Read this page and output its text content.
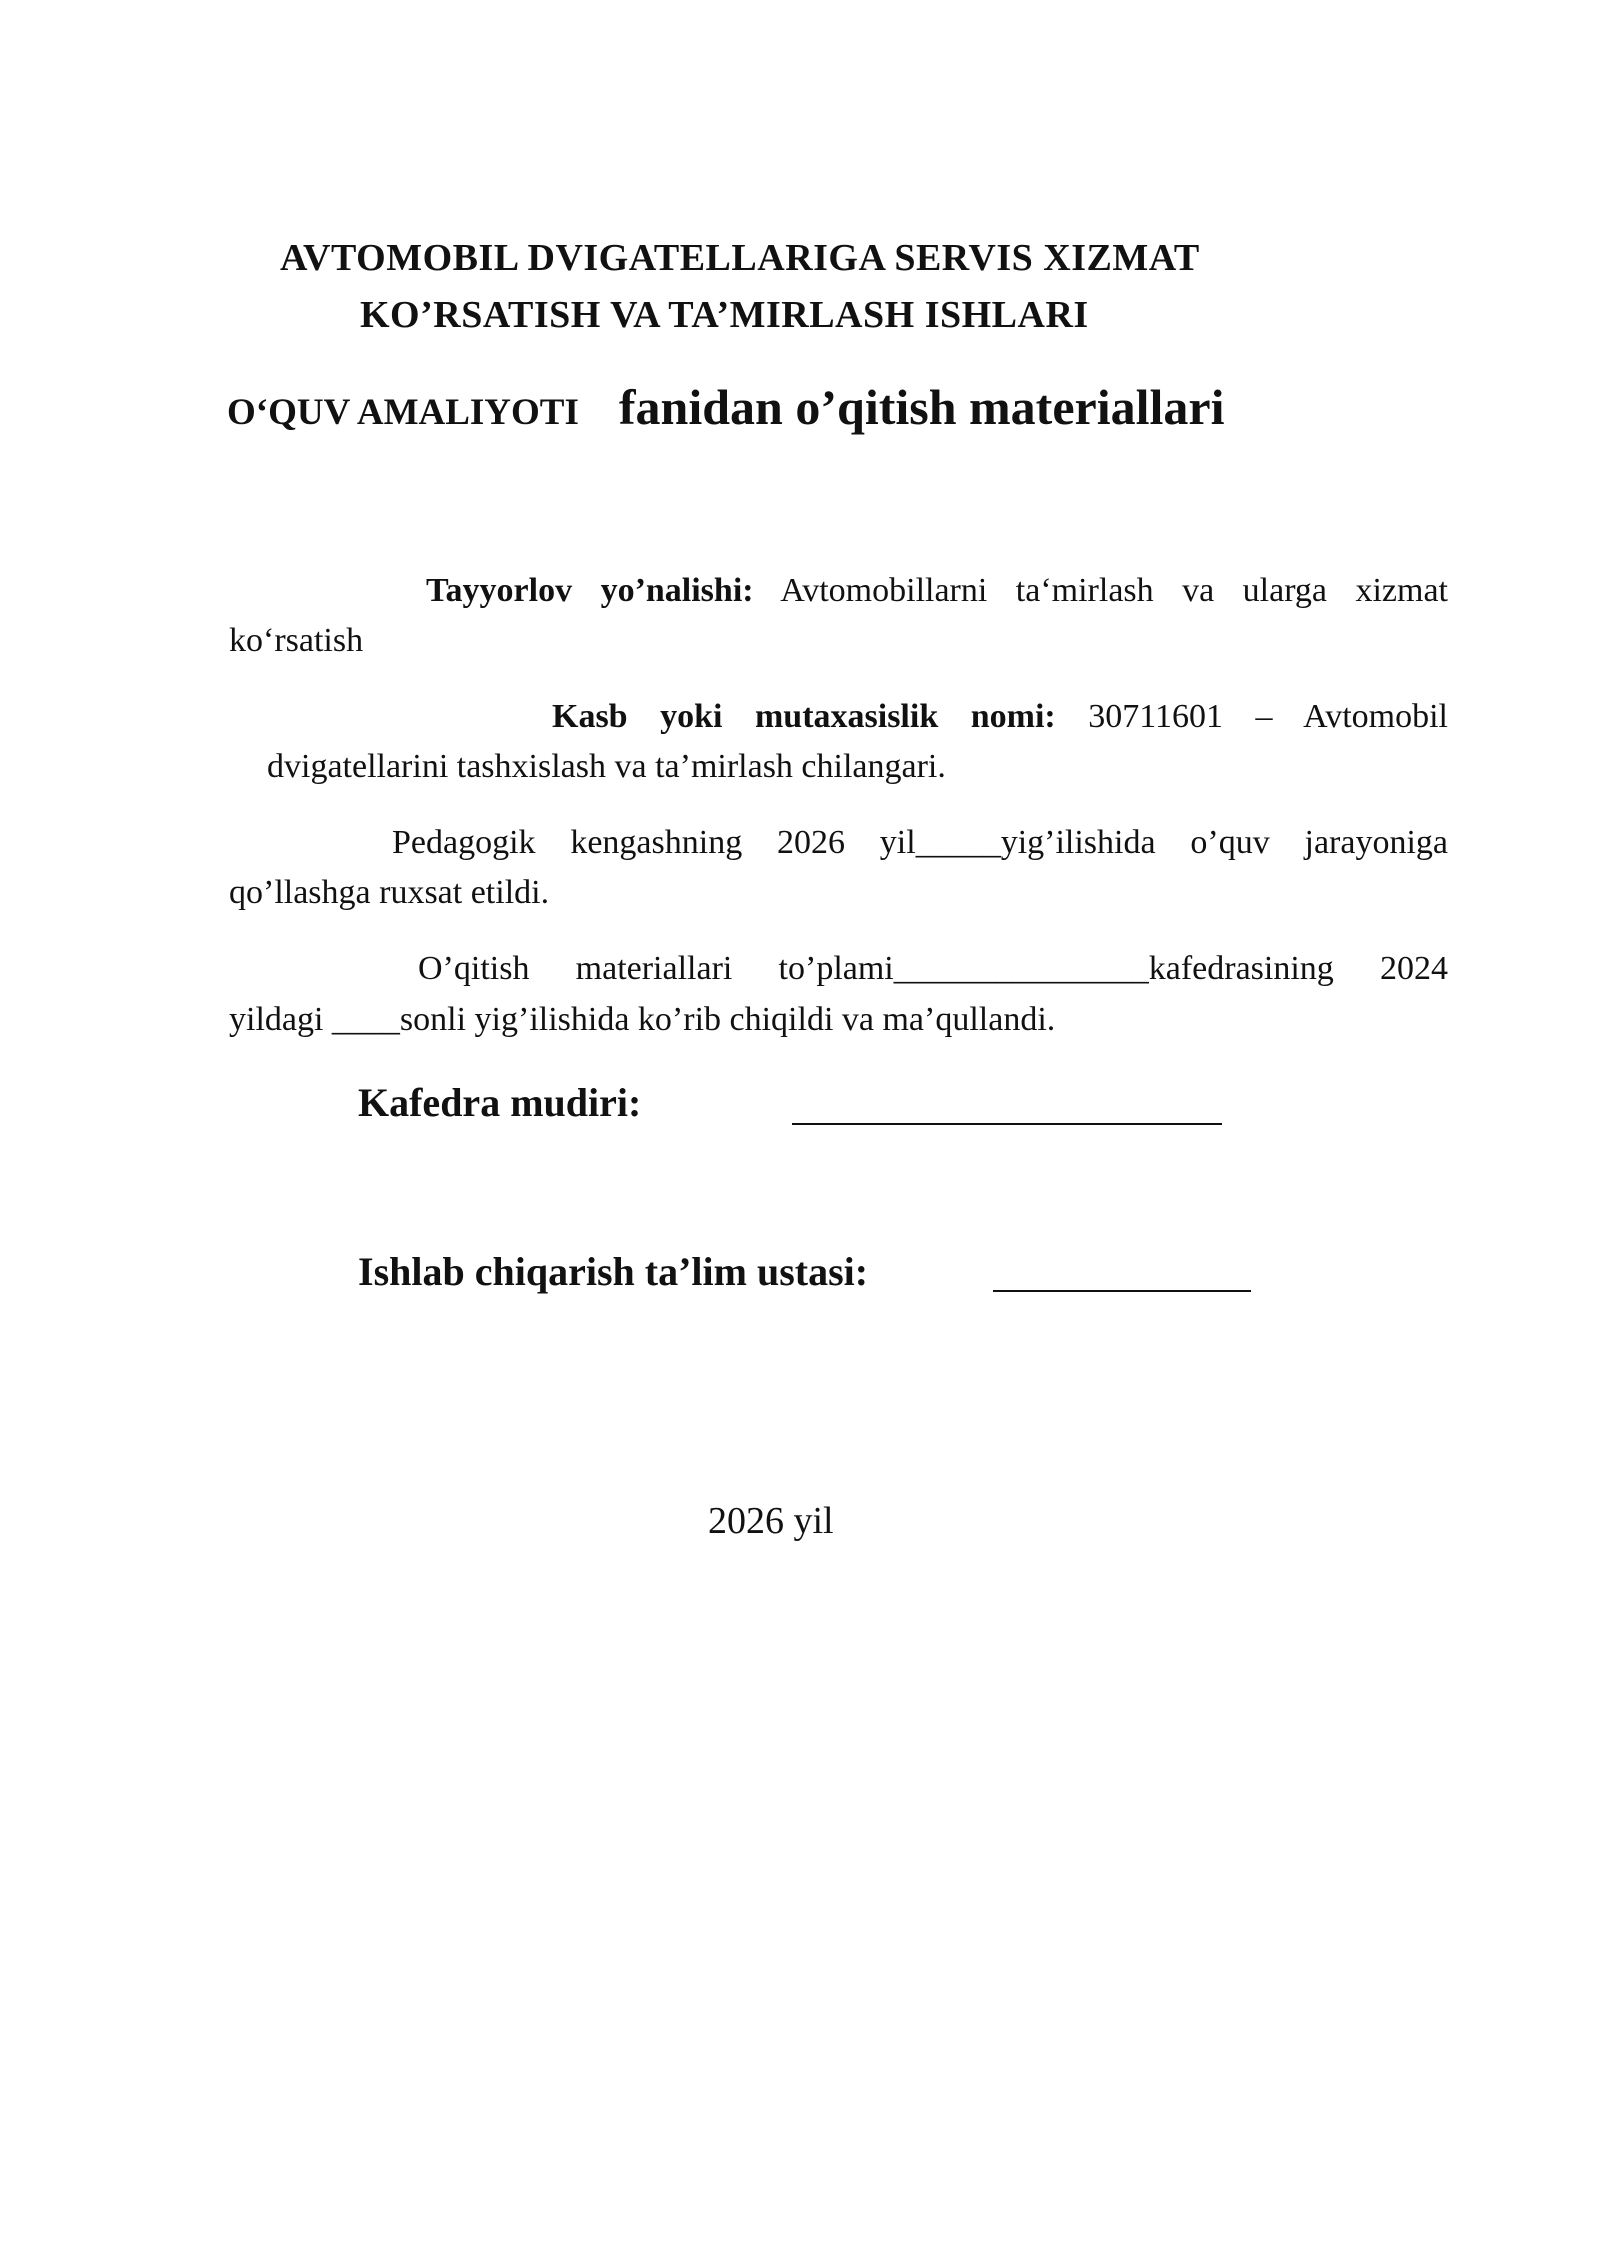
AVTOMOBIL DVIGATELLARIGA SERVIS XIZMAT
KO’RSATISH VA TA’MIRLASH ISHLARI
O‘QUV AMALIYOTI fanidan o’qitish materiallari
Tayyorlov yo’nalishi: Avtomobillarni ta‘mirlash va ularga xizmat
ko‘rsatish
Kasb yoki mutaxasislik nomi: 30711601 – Avtomobil
dvigatellarini tashxislash va ta’mirlash chilangari.
Pedagogik kengashning 2026 yil_____yig’ilishida o’quv jarayoniga
qo’llashga ruxsat etildi.
O’qitish materiallari to’plami_______________kafedrasining 2024
yildagi ____sonli yig’ilishida ko’rib chiqildi va ma’qullandi.
Kafedra mudiri:
Ishlab chiqarish ta’lim ustasi:
2026 yil
